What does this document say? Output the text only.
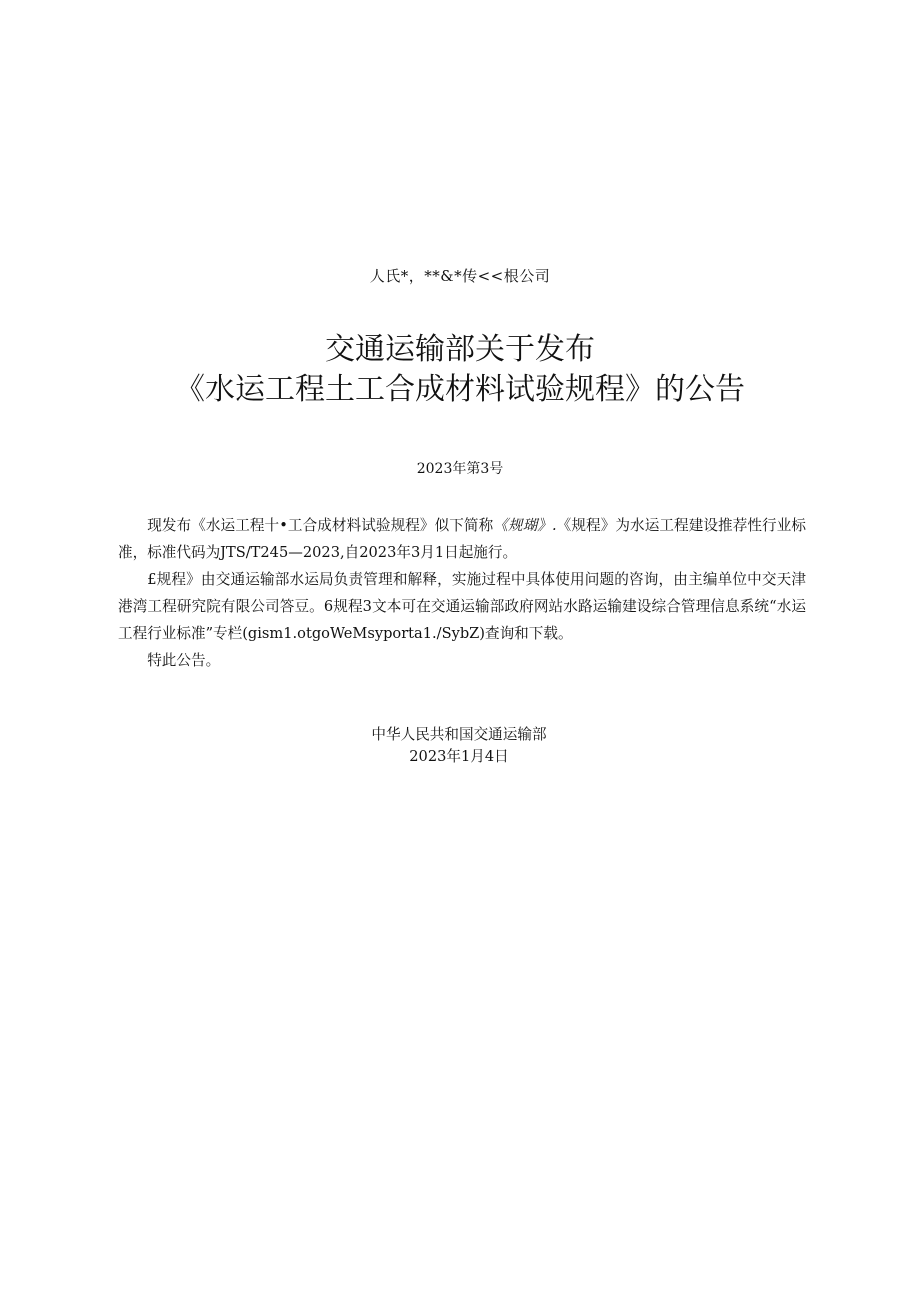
人氏*，**&*传<<根公司
交通运输部关于发布
《水运工程土工合成材料试验规程》的公告
2023年第3号

现发布《水运工程十•工合成材料试验规程》似下简称《规瑚》.《规程》为水运工程建设推荐性行业标准，标准代码为JTS/T245—2023,自2023年3月1日起施行。

£规程》由交通运输部水运局负责管理和解释，实施过程中具体使用问题的咨询，由主编单位中交天津港湾工程研究院有限公司答豆。6规程3文本可在交通运输部政府网站水路运输建设综合管理信息系统“水运工程行业标准”专栏(gism1.otgoWeMsyporta1./SybZ)查询和下载。

特此公告。

中华人民共和国交通运输部
2023年1月4日
